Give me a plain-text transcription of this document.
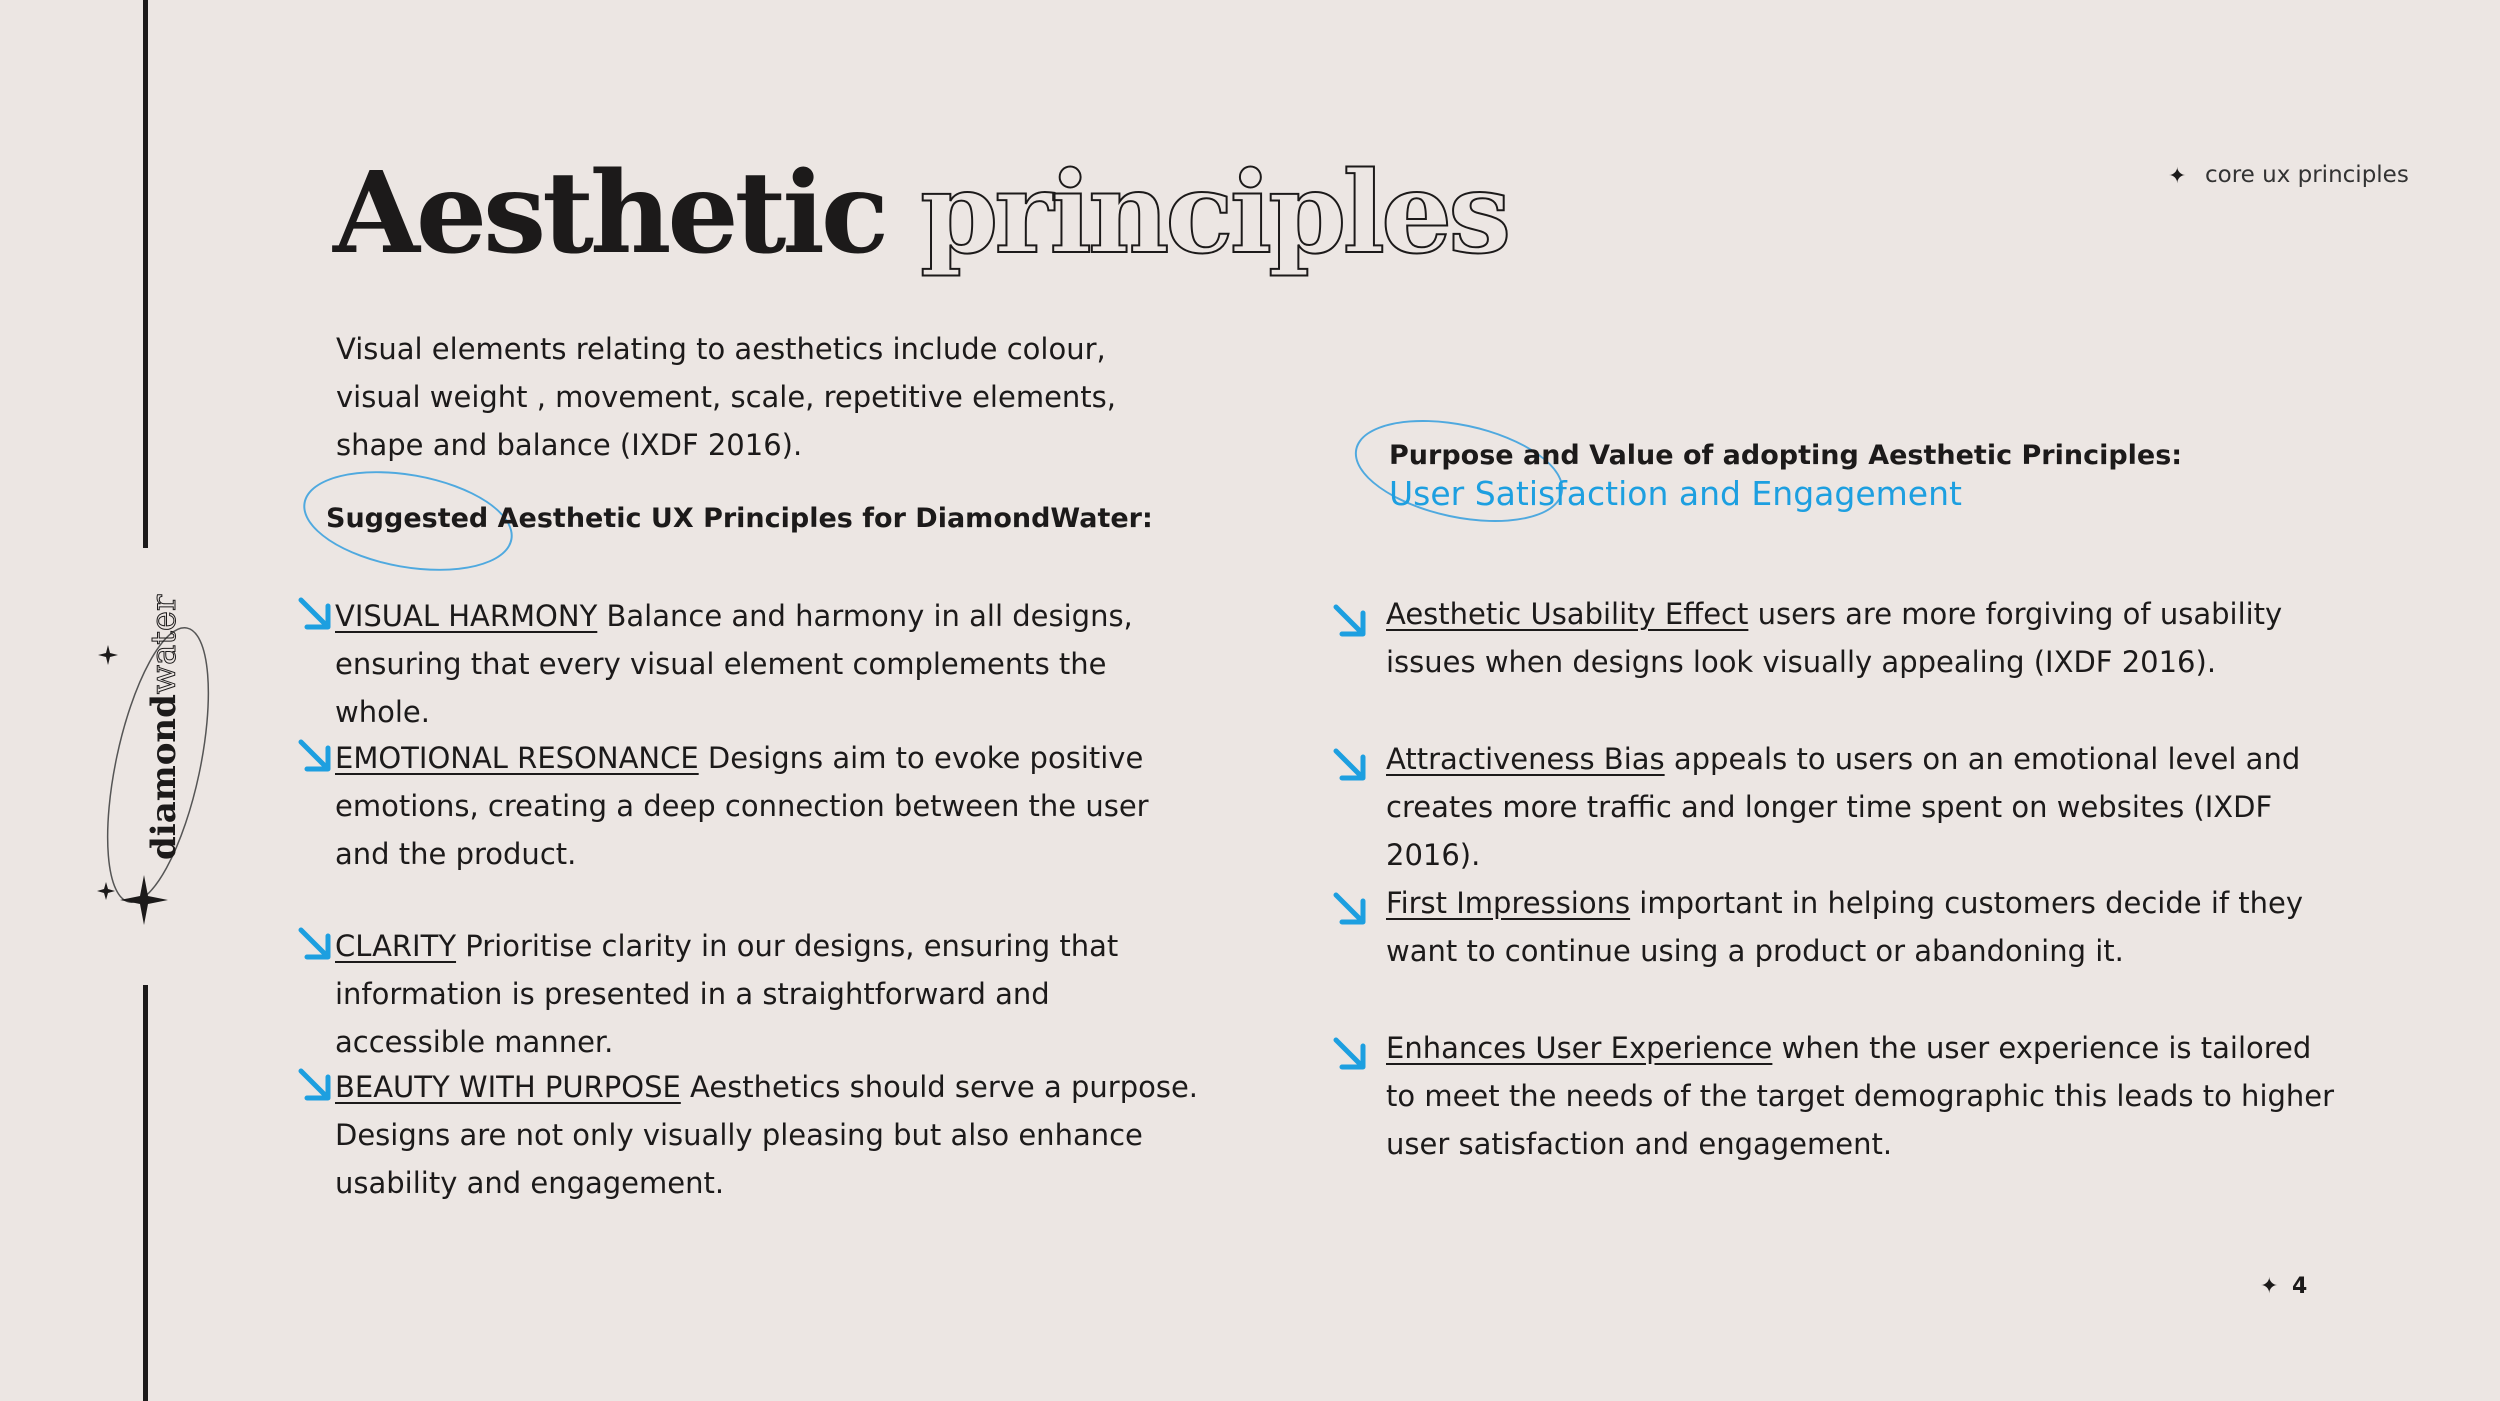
diamondwater
Aesthetic principles	✦ core ux principles

Visual elements relating to aesthetics include colour, visual weight , movement, scale, repetitive elements, shape and balance (IXDF 2016).

Suggested Aesthetic UX Principles for DiamondWater:
Purpose and Value of adopting Aesthetic Principles:
User Satisfaction and Engagement
VISUAL HARMONY Balance and harmony in all designs, ensuring that every visual element complements the whole.
EMOTIONAL RESONANCE Designs aim to evoke positive emotions, creating a deep connection between the user and the product.
CLARITY Prioritise clarity in our designs, ensuring that information is presented in a straightforward and accessible manner.
BEAUTY WITH PURPOSE Aesthetics should serve a purpose. Designs are not only visually pleasing but also enhance usability and engagement.
Aesthetic Usability Effect users are more forgiving of usability issues when designs look visually appealing (IXDF 2016).
Attractiveness Bias appeals to users on an emotional level and creates more traffic and longer time spent on websites (IXDF 2016).
First Impressions important in helping customers decide if they want to continue using a product or abandoning it.
Enhances User Experience when the user experience is tailored to meet the needs of the target demographic this leads to higher user satisfaction and engagement.
✦ 4
